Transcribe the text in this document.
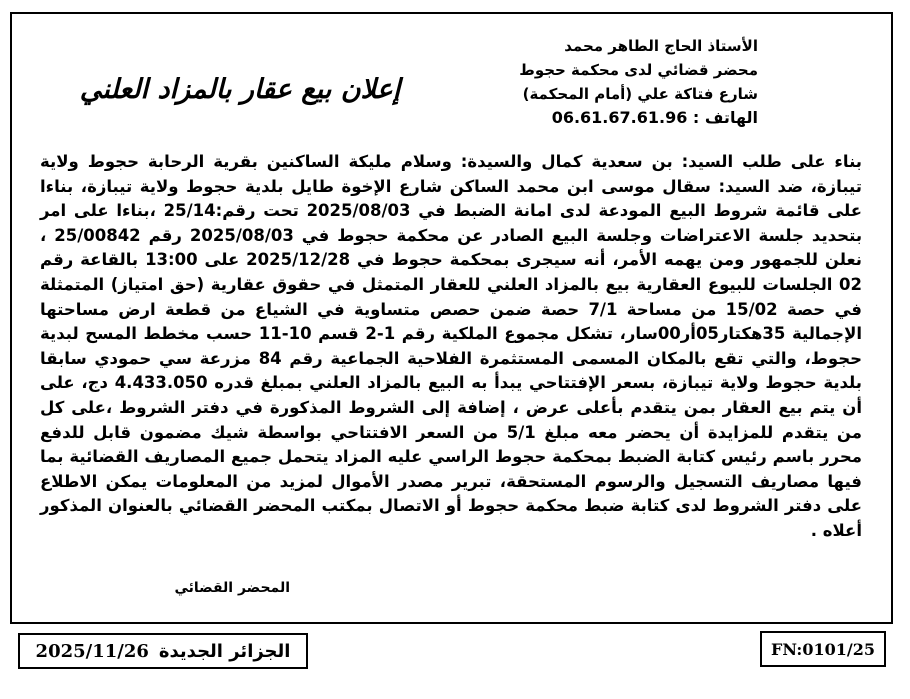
الأستاذ الحاج الطاهر محمد
محضر قضائي لدى محكمة حجوط
شارع فتاكة علي (أمام المحكمة)
الهاتف : 06.61.67.61.96
إعلان بيع عقار بالمزاد العلني

بناء على طلب السيد: بن سعدية كمال والسيدة: وسلام مليكة الساكنين بقرية الرحابة حجوط ولاية تيبازة، ضد السيد: سقال موسى ابن محمد الساكن شارع الإخوة طايل بلدية حجوط ولاية تيبازة، بناءا على قائمة شروط البيع المودعة لدى امانة الضبط في 2025/08/03 تحت رقم:25/14 ،بناءا على امر بتحديد جلسة الاعتراضات وجلسة البيع الصادر عن محكمة حجوط في 2025/08/03 رقم 25/00842 ، نعلن للجمهور ومن يهمه الأمر، أنه سيجرى بمحكمة حجوط في 2025/12/28 على 13:00 بالقاعة رقم 02 الجلسات للبيوع العقارية بيع بالمزاد العلني للعقار المتمثل في حقوق عقارية (حق امتياز) المتمثلة في حصة 15/02 من مساحة 7/1 حصة ضمن حصص متساوية في الشياع من قطعة ارض مساحتها الإجمالية 35هكتار05أر00سار، تشكل مجموع الملكية رقم 1-2 قسم 10-11 حسب مخطط المسح لبدية حجوط، والتي تقع بالمكان المسمى المستثمرة الفلاحية الجماعية رقم 84 مزرعة سي حمودي سابقا بلدية حجوط ولاية تيبازة، بسعر الإفتتاحي يبدأ به البيع بالمزاد العلني بمبلغ قدره 4.433.050 دج، على أن يتم بيع العقار بمن يتقدم بأعلى عرض ، إضافة إلى الشروط المذكورة في دفتر الشروط ،على كل من يتقدم للمزايدة أن يحضر معه مبلغ 5/1 من السعر الافتتاحي بواسطة شيك مضمون قابل للدفع محرر باسم رئيس كتابة الضبط بمحكمة حجوط الراسي عليه المزاد يتحمل جميع المصاريف القضائية بما فيها مصاريف التسجيل والرسوم المستحقة، تبرير مصدر الأموال لمزيد من المعلومات يمكن الاطلاع على دفتر الشروط لدى كتابة ضبط محكمة حجوط أو الاتصال بمكتب المحضر القضائي بالعنوان المذكور أعلاه .

المحضر القضائي
الجزائر الجديدة
2025/11/26	FN:0101/25
